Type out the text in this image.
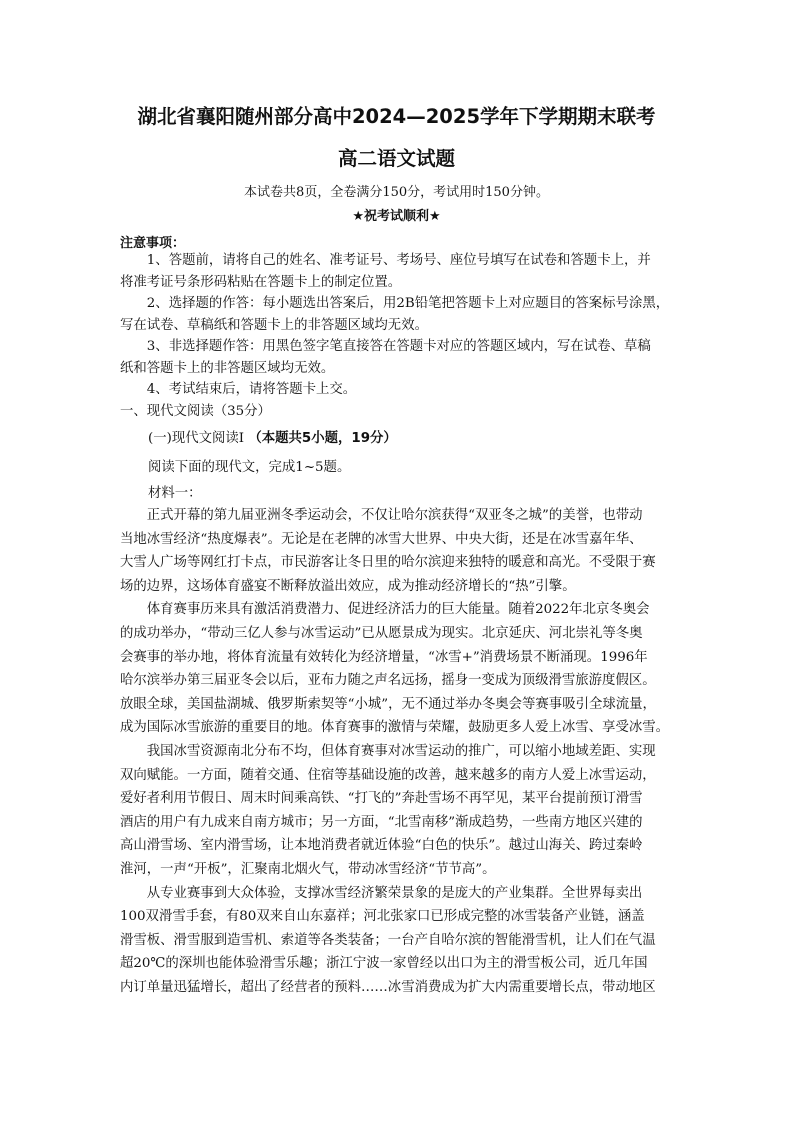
湖北省襄阳随州部分高中2024—2025学年下学期期末联考
高二语文试题
本试卷共8页，全卷满分150分，考试用时150分钟。
★祝考试顺利★
注意事项：
　　1、答题前，请将自己的姓名、准考证号、考场号、座位号填写在试卷和答题卡上，并
将准考证号条形码粘贴在答题卡上的制定位置。
　　2、选择题的作答：每小题选出答案后，用2B铅笔把答题卡上对应题目的答案标号涂黑，
写在试卷、草稿纸和答题卡上的非答题区域均无效。
　　3、非选择题作答：用黑色签字笔直接答在答题卡对应的答题区域内，写在试卷、草稿
纸和答题卡上的非答题区域均无效。
　　4、考试结束后，请将答题卡上交。
一、现代文阅读（35分）
(一)现代文阅读Ⅰ （本题共5小题，19分）
阅读下面的现代文，完成1~5题。
材料一：
　　正式开幕的第九届亚洲冬季运动会，不仅让哈尔滨获得“双亚冬之城”的美誉，也带动
当地冰雪经济“热度爆表”。无论是在老牌的冰雪大世界、中央大街，还是在冰雪嘉年华、
大雪人广场等网红打卡点，市民游客让冬日里的哈尔滨迎来独特的暖意和高光。不受限于赛
场的边界，这场体育盛宴不断释放溢出效应，成为推动经济增长的“热”引擎。
　　体育赛事历来具有激活消费潜力、促进经济活力的巨大能量。随着2022年北京冬奥会
的成功举办，“带动三亿人参与冰雪运动”已从愿景成为现实。北京延庆、河北崇礼等冬奥
会赛事的举办地，将体育流量有效转化为经济增量，“冰雪+”消费场景不断涌现。1996年
哈尔滨举办第三届亚冬会以后，亚布力随之声名远扬，摇身一变成为顶级滑雪旅游度假区。
放眼全球，美国盐湖城、俄罗斯索契等“小城”，无不通过举办冬奥会等赛事吸引全球流量，
成为国际冰雪旅游的重要目的地。体育赛事的激情与荣耀，鼓励更多人爱上冰雪、享受冰雪。
　　我国冰雪资源南北分布不均，但体育赛事对冰雪运动的推广，可以缩小地域差距、实现
双向赋能。一方面，随着交通、住宿等基础设施的改善，越来越多的南方人爱上冰雪运动，
爱好者利用节假日、周末时间乘高铁、“打飞的”奔赴雪场不再罕见，某平台提前预订滑雪
酒店的用户有九成来自南方城市；另一方面，“北雪南移”渐成趋势，一些南方地区兴建的
高山滑雪场、室内滑雪场，让本地消费者就近体验“白色的快乐”。越过山海关、跨过秦岭
淮河，一声“开板”，汇聚南北烟火气，带动冰雪经济“节节高”。
　　从专业赛事到大众体验，支撑冰雪经济繁荣景象的是庞大的产业集群。全世界每卖出
100双滑雪手套，有80双来自山东嘉祥；河北张家口已形成完整的冰雪装备产业链，涵盖
滑雪板、滑雪服到造雪机、索道等各类装备；一台产自哈尔滨的智能滑雪机，让人们在气温
超20℃的深圳也能体验滑雪乐趣；浙江宁波一家曾经以出口为主的滑雪板公司，近几年国
内订单量迅猛增长，超出了经营者的预料……冰雪消费成为扩大内需重要增长点，带动地区
